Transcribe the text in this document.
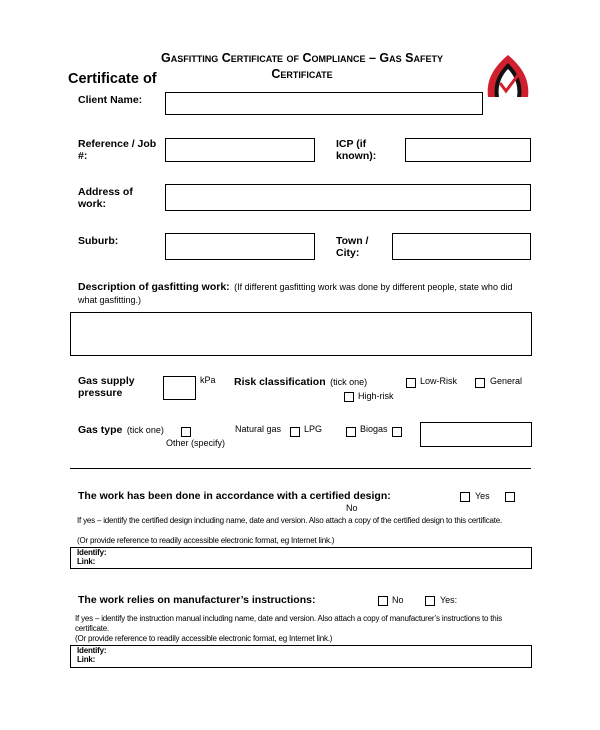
Gasfitting Certificate of Compliance – Gas Safety
Certificate
Certificate of
Client Name:
Reference / Job #:
ICP (if known):
Address of work:
Suburb:	Town / City:
Description of gasfitting work: (If different gasfitting work was done by different people, state who did what gasfitting.)
Gas supply pressure
kPa Risk classification (tick one)	Low-Risk	General
High-risk
Gas type (tick one)
Other (specify)
Natural gas	LPG	Biogas
The work has been done in accordance with a certified design:	Yes
No
If yes – identify the certified design including name, date and version. Also attach a copy of the certified design to this certificate.
(Or provide reference to readily accessible electronic format, eg Internet link.)
Identify:
Link:
The work relies on manufacturer’s instructions:	No	Yes:
If yes – identify the instruction manual including name, date and version. Also attach a copy of manufacturer’s instructions to this certificate.
(Or provide reference to readily accessible electronic format, eg Internet link.)
Identify:
Link:
